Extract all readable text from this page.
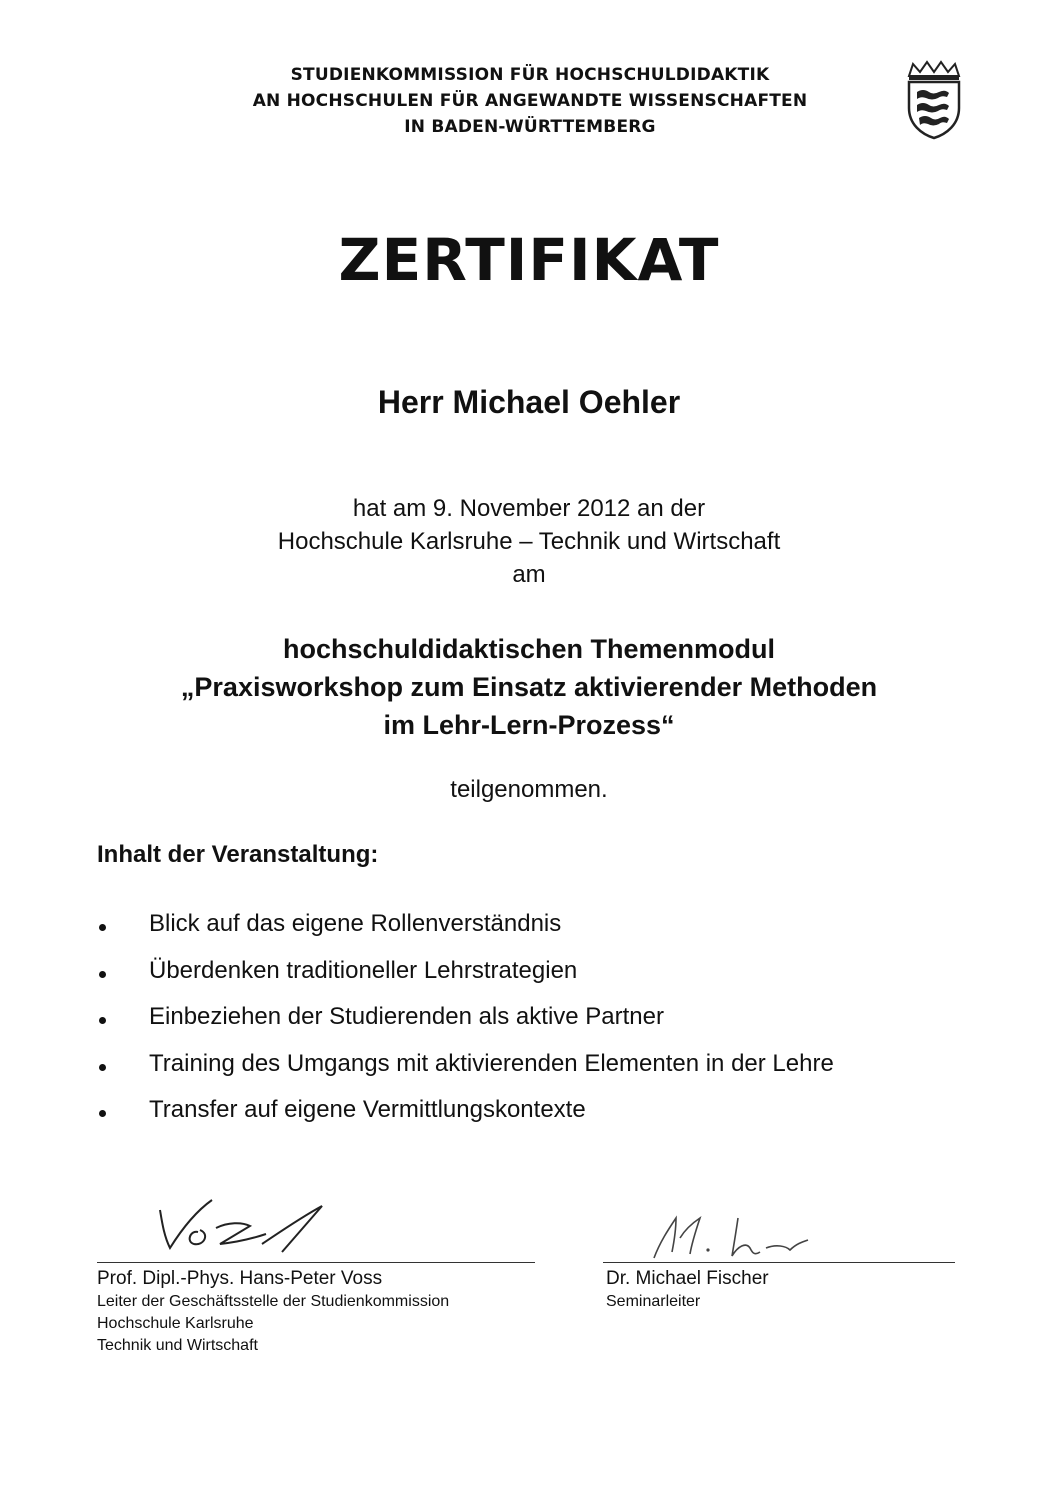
STUDIENKOMMISSION FÜR HOCHSCHULDIDAKTIK
AN HOCHSCHULEN FÜR ANGEWANDTE WISSENSCHAFTEN
IN BADEN-WÜRTTEMBERG
ZERTIFIKAT
Herr Michael Oehler
hat am 9. November 2012 an der
Hochschule Karlsruhe – Technik und Wirtschaft
am
hochschuldidaktischen Themenmodul
„Praxisworkshop zum Einsatz aktivierender Methoden
im Lehr-Lern-Prozess“
teilgenommen.
Inhalt der Veranstaltung:
Blick auf das eigene Rollenverständnis
Überdenken traditioneller Lehrstrategien
Einbeziehen der Studierenden als aktive Partner
Training des Umgangs mit aktivierenden Elementen in der Lehre
Transfer auf eigene Vermittlungskontexte
Prof. Dipl.-Phys. Hans-Peter Voss
Leiter der Geschäftsstelle der Studienkommission
Hochschule Karlsruhe
Technik und Wirtschaft
Dr. Michael Fischer
Seminarleiter
